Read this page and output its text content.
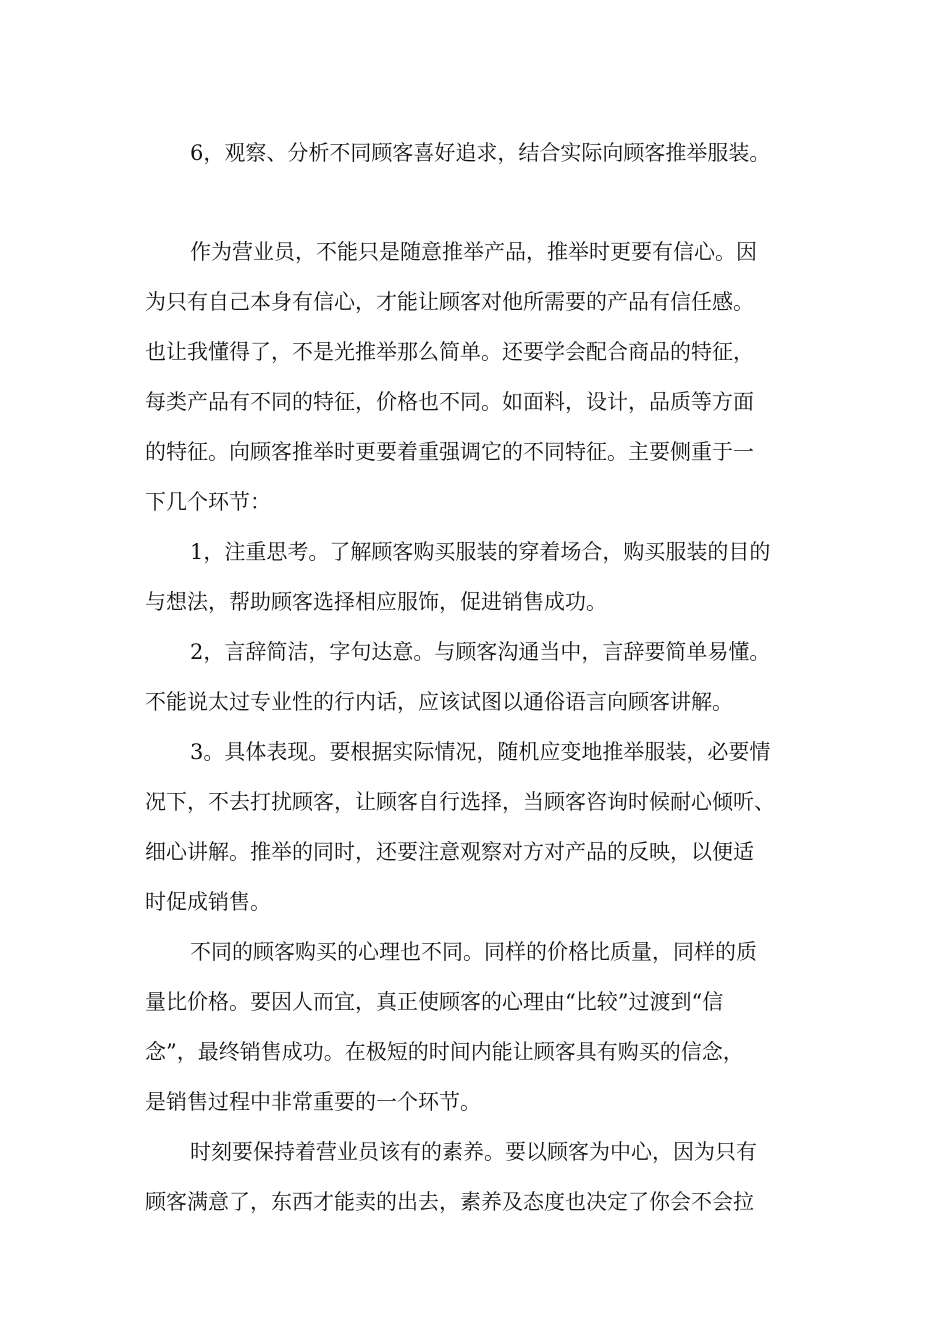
6，观察、分析不同顾客喜好追求，结合实际向顾客推举服装。
作为营业员，不能只是随意推举产品，推举时更要有信心。因
为只有自己本身有信心，才能让顾客对他所需要的产品有信任感。
也让我懂得了，不是光推举那么简单。还要学会配合商品的特征，
每类产品有不同的特征，价格也不同。如面料，设计，品质等方面
的特征。向顾客推举时更要着重强调它的不同特征。主要侧重于一
下几个环节：
1，注重思考。了解顾客购买服装的穿着场合，购买服装的目的
与想法，帮助顾客选择相应服饰，促进销售成功。
2，言辞简洁，字句达意。与顾客沟通当中，言辞要简单易懂。
不能说太过专业性的行内话，应该试图以通俗语言向顾客讲解。
3。具体表现。要根据实际情况，随机应变地推举服装，必要情
况下，不去打扰顾客，让顾客自行选择，当顾客咨询时候耐心倾听、
细心讲解。推举的同时，还要注意观察对方对产品的反映，以便适
时促成销售。
不同的顾客购买的心理也不同。同样的价格比质量，同样的质
量比价格。要因人而宜，真正使顾客的心理由“比较”过渡到“信
念”，最终销售成功。在极短的时间内能让顾客具有购买的信念，
是销售过程中非常重要的一个环节。
时刻要保持着营业员该有的素养。要以顾客为中心，因为只有
顾客满意了，东西才能卖的出去，素养及态度也决定了你会不会拉
